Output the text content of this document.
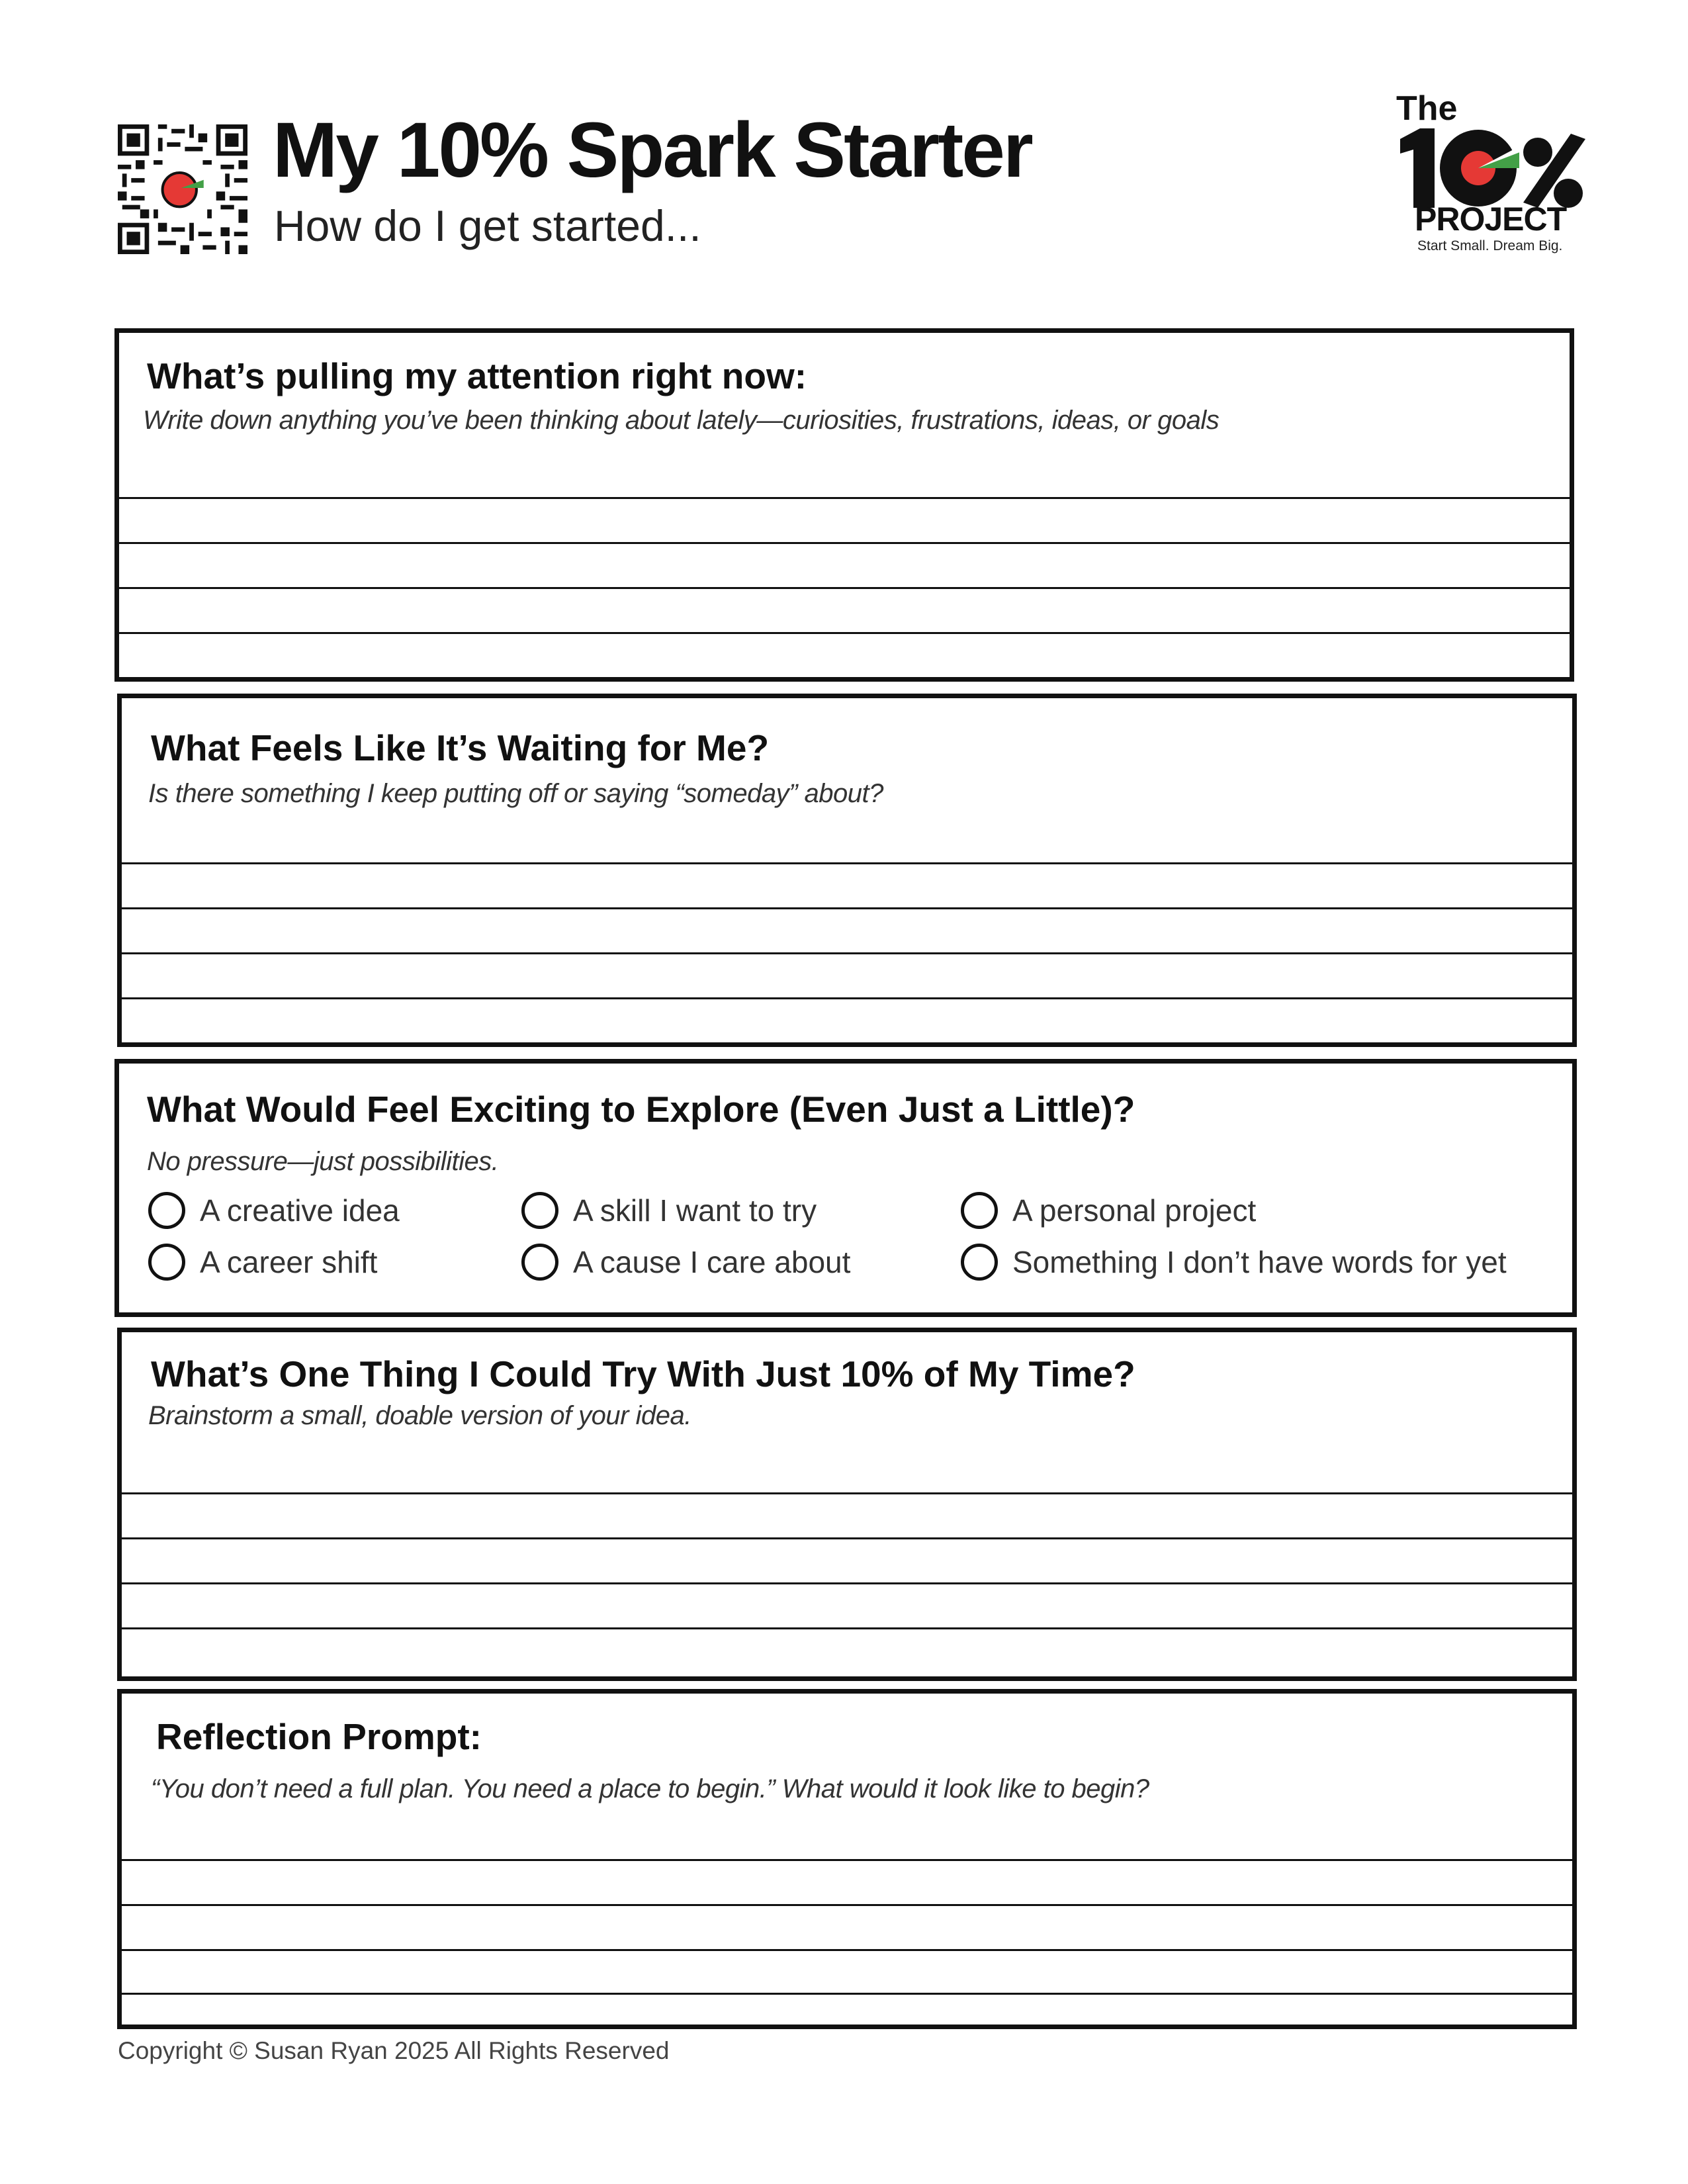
My 10% Spark Starter
How do I get started...
The
PROJECT
Start Small. Dream Big.
What’s pulling my attention right now:
Write down anything you’ve been thinking about lately—curiosities, frustrations, ideas, or goals
What Feels Like It’s Waiting for Me?
Is there something I keep putting off or saying “someday” about?
What Would Feel Exciting to Explore (Even Just a Little)?
No pressure—just possibilities.
A creative idea	A skill I want to try	A personal project
A career shift	A cause I care about	Something I don’t have words for yet
What’s One Thing I Could Try With Just 10% of My Time?
Brainstorm a small, doable version of your idea.
Reflection Prompt:
“You don’t need a full plan. You need a place to begin.” What would it look like to begin?
Copyright © Susan Ryan 2025 All Rights Reserved
